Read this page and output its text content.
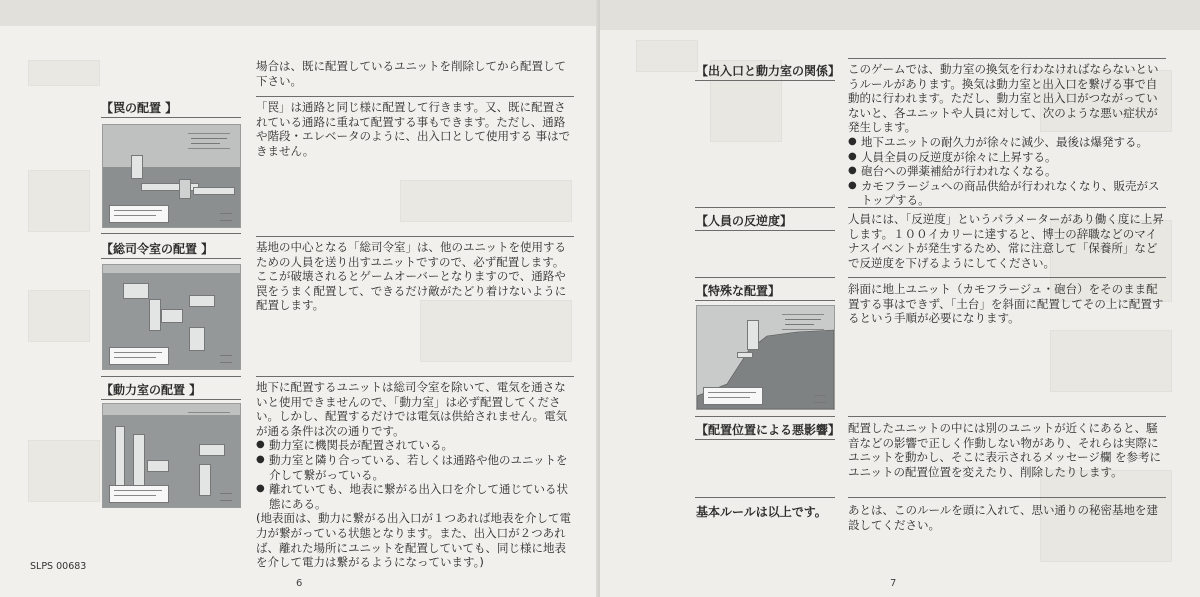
場合は、既に配置しているユニットを削除してから配置して下さい。
【罠の配置 】	「罠」は通路と同じ様に配置して行きます。又、既に配置されている通路に重ねて配置する事もできます。ただし、通路や階段・エレベータのように、出入口として使用する 事はできません。
【総司令室の配置 】	基地の中心となる「総司令室」は、他のユニットを使用するための人員を送り出すユニットですので、必ず配置します。ここが破壊されるとゲームオーバーとなりますので、通路や罠をうまく配置して、できるだけ敵がたどり着けないように配置します。
【動力室の配置 】	地下に配置するユニットは総司令室を除いて、電気を通さないと使用できませんので、「動力室」は必ず配置してください。しかし、配置するだけでは電気は供給されません。電気が通る条件は次の通りです。

● 動力室に機関長が配置されている。

● 動力室と隣り合っている、若しくは通路や他のユニットを介して繋がっている。

● 離れていても、地表に繋がる出入口を介して通じている状態にある。

(地表面は、動力に繋がる出入口が１つあれば地表を介して電力が繋がっている状態となります。また、出入口が２つあれば、離れた場所にユニットを配置していても、同じ様に地表を介して電力は繋がるようになっています。)

SLPS 00683
6
【出入口と動力室の関係】 このゲームでは、動力室の換気を行わなければならないというルールがあります。換気は動力室と出入口を繋げる事で自動的に行われます。ただし、動力室と出入口がつながっていないと、各ユニットや人員に対して、次のような悪い症状が発生します。

● 地下ユニットの耐久力が徐々に減少、最後は爆発する。

● 人員全員の反逆度が徐々に上昇する。

● 砲台への弾薬補給が行われなくなる。

● カモフラージュへの商品供給が行われなくなり、販売がストップする。

【人員の反逆度】	人員には、「反逆度」というパラメーターがあり働く度に上昇します。１００イカリーに達すると、博士の辞職などのマイナスイベントが発生するため、常に注意して「保養所」などで反逆度を下げるようにしてください。
【特殊な配置】	斜面に地上ユニット（カモフラージュ・砲台）をそのまま配置する事はできず、「土台」を斜面に配置してその上に配置するという手順が必要になります。
【配置位置による悪影響】 配置したユニットの中には別のユニットが近くにあると、騒音などの影響で正しく作動しない物があり、それらは実際にユニットを動かし、そこに表示されるメッセージ欄 を参考にユニットの配置位置を変えたり、削除したりします。
基本ルールは以上です。 あとは、このルールを頭に入れて、思い通りの秘密基地を建設してください。
7
